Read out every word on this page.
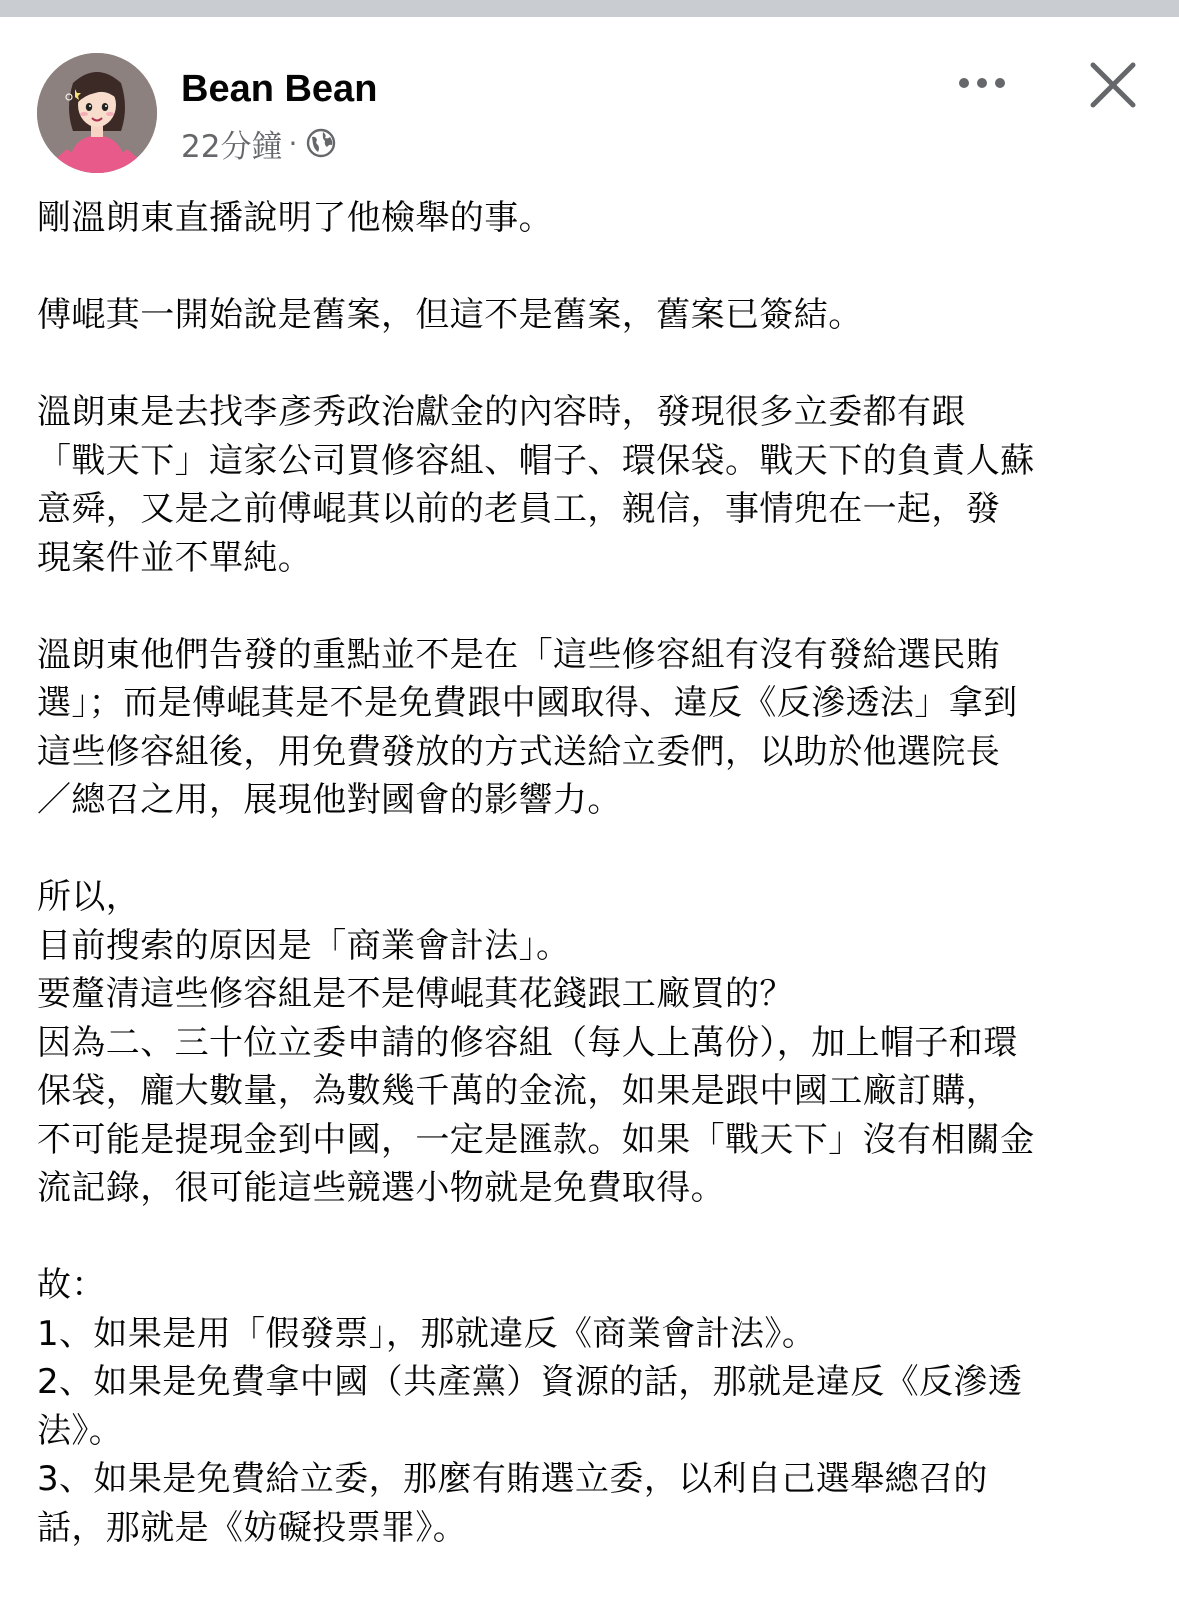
Bean Bean
22分鐘 ·

剛溫朗東直播說明了他檢舉的事。

傅崐萁一開始說是舊案，但這不是舊案，舊案已簽結。

溫朗東是去找李彥秀政治獻金的內容時，發現很多立委都有跟
「戰天下」這家公司買修容組、帽子、環保袋。戰天下的負責人蘇
意舜，又是之前傅崐萁以前的老員工，親信，事情兜在一起，發
現案件並不單純。

溫朗東他們告發的重點並不是在「這些修容組有沒有發給選民賄
選」；而是傅崐萁是不是免費跟中國取得、違反《反滲透法」拿到
這些修容組後，用免費發放的方式送給立委們，以助於他選院長
／總召之用，展現他對國會的影響力。

所以，
目前搜索的原因是「商業會計法」。
要釐清這些修容組是不是傅崐萁花錢跟工廠買的？
因為二、三十位立委申請的修容組（每人上萬份），加上帽子和環
保袋，龐大數量，為數幾千萬的金流，如果是跟中國工廠訂購，
不可能是提現金到中國，一定是匯款。如果「戰天下」沒有相關金
流記錄，很可能這些競選小物就是免費取得。

故：
1、如果是用「假發票」，那就違反《商業會計法》。
2、如果是免費拿中國（共產黨）資源的話，那就是違反《反滲透
法》。
3、如果是免費給立委，那麼有賄選立委，以利自己選舉總召的
話，那就是《妨礙投票罪》。
